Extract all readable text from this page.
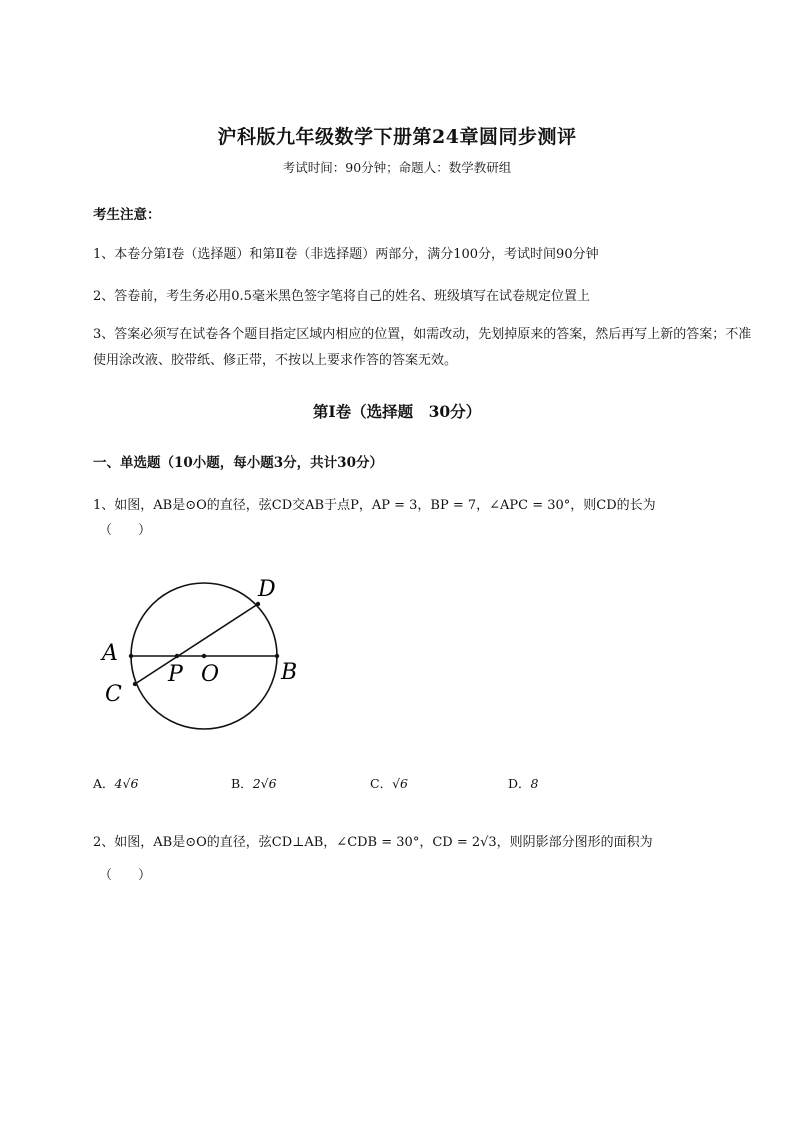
沪科版九年级数学下册第24章圆同步测评
考试时间：90分钟；命题人：数学教研组
考生注意：
1、本卷分第I卷（选择题）和第Ⅱ卷（非选择题）两部分，满分100分，考试时间90分钟
2、答卷前，考生务必用0.5毫米黑色签字笔将自己的姓名、班级填写在试卷规定位置上
3、答案必须写在试卷各个题目指定区域内相应的位置，如需改动，先划掉原来的答案，然后再写上新的答案；不准使用涂改液、胶带纸、修正带，不按以上要求作答的答案无效。
第I卷（选择题　30分）
一、单选题（10小题，每小题3分，共计30分）
1、如图，AB是⊙O的直径，弦CD交AB于点P，AP = 3，BP = 7，∠APC = 30°，则CD的长为
（　　）
A
B
C
D
P O
A．4√6	B．2√6	C．√6	D．8
2、如图，AB是⊙O的直径，弦CD⊥AB，∠CDB = 30°，CD = 2√3，则阴影部分图形的面积为
（　　）
